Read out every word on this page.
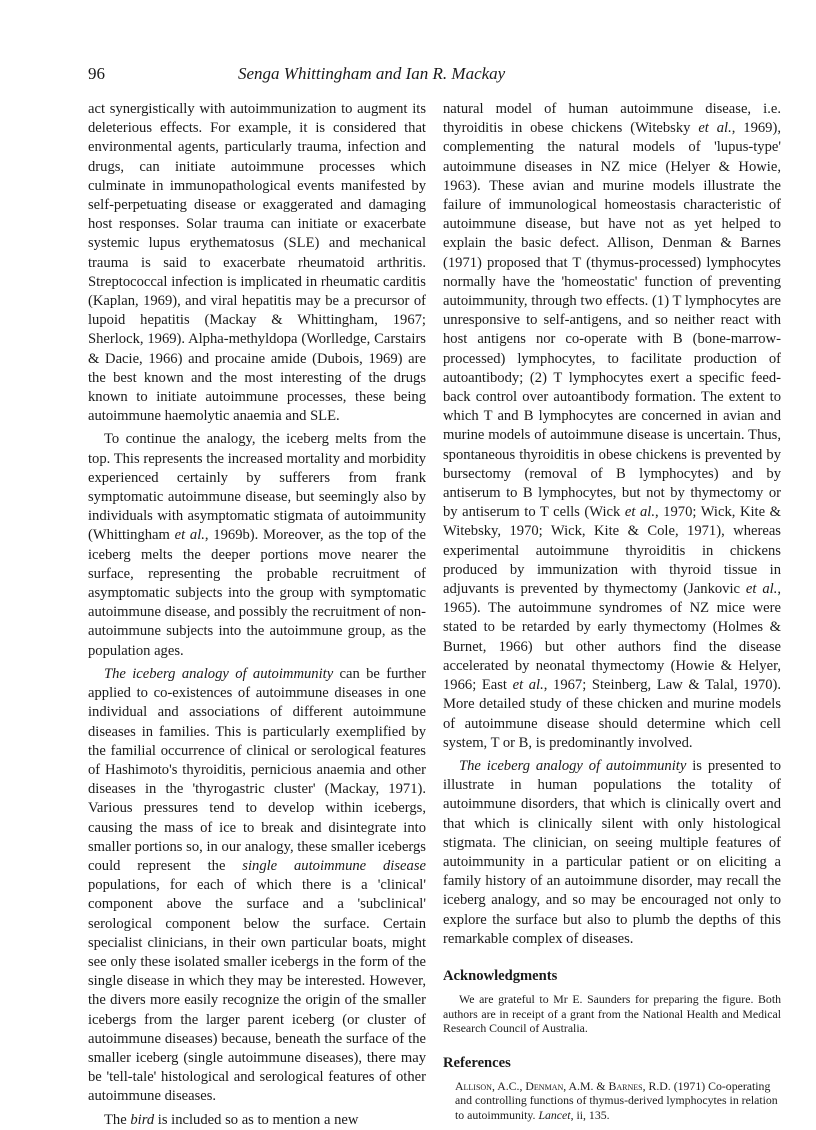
96	Senga Whittingham and Ian R. Mackay

act synergistically with autoimmunization to augment its deleterious effects. For example, it is considered that environmental agents, particularly trauma, infection and drugs, can initiate autoimmune processes which culminate in immunopathological events manifested by self-perpetuating disease or exaggerated and damaging host responses. Solar trauma can initiate or exacerbate systemic lupus erythematosus (SLE) and mechanical trauma is said to exacerbate rheumatoid arthritis. Streptococcal infection is implicated in rheumatic carditis (Kaplan, 1969), and viral hepatitis may be a precursor of lupoid hepatitis (Mackay & Whittingham, 1967; Sherlock, 1969). Alpha-methyldopa (Worlledge, Carstairs & Dacie, 1966) and procaine amide (Dubois, 1969) are the best known and the most interesting of the drugs known to initiate autoimmune processes, these being autoimmune haemolytic anaemia and SLE.

To continue the analogy, the iceberg melts from the top. This represents the increased mortality and morbidity experienced certainly by sufferers from frank symptomatic autoimmune disease, but seemingly also by individuals with asymptomatic stigmata of autoimmunity (Whittingham et al., 1969b). Moreover, as the top of the iceberg melts the deeper portions move nearer the surface, representing the probable recruitment of asymptomatic subjects into the group with symptomatic autoimmune disease, and possibly the recruitment of non-autoimmune subjects into the autoimmune group, as the population ages.

The iceberg analogy of autoimmunity can be further applied to co-existences of autoimmune diseases in one individual and associations of different autoimmune diseases in families. This is particularly exemplified by the familial occurrence of clinical or serological features of Hashimoto's thyroiditis, pernicious anaemia and other diseases in the 'thyrogastric cluster' (Mackay, 1971). Various pressures tend to develop within icebergs, causing the mass of ice to break and disintegrate into smaller portions so, in our analogy, these smaller icebergs could represent the single autoimmune disease populations, for each of which there is a 'clinical' component above the surface and a 'subclinical' serological component below the surface. Certain specialist clinicians, in their own particular boats, might see only these isolated smaller icebergs in the form of the single disease in which they may be interested. However, the divers more easily recognize the origin of the smaller icebergs from the larger parent iceberg (or cluster of autoimmune diseases) because, beneath the surface of the smaller iceberg (single autoimmune diseases), there may be 'tell-tale' histological and serological features of other autoimmune diseases.

The bird is included so as to mention a new

natural model of human autoimmune disease, i.e. thyroiditis in obese chickens (Witebsky et al., 1969), complementing the natural models of 'lupus-type' autoimmune diseases in NZ mice (Helyer & Howie, 1963). These avian and murine models illustrate the failure of immunological homeostasis characteristic of autoimmune disease, but have not as yet helped to explain the basic defect. Allison, Denman & Barnes (1971) proposed that T (thymus-processed) lymphocytes normally have the 'homeostatic' function of preventing autoimmunity, through two effects. (1) T lymphocytes are unresponsive to self-antigens, and so neither react with host antigens nor co-operate with B (bone-marrow-processed) lymphocytes, to facilitate production of autoantibody; (2) T lymphocytes exert a specific feed-back control over autoantibody formation. The extent to which T and B lymphocytes are concerned in avian and murine models of autoimmune disease is uncertain. Thus, spontaneous thyroiditis in obese chickens is prevented by bursectomy (removal of B lymphocytes) and by antiserum to B lymphocytes, but not by thymectomy or by antiserum to T cells (Wick et al., 1970; Wick, Kite & Witebsky, 1970; Wick, Kite & Cole, 1971), whereas experimental autoimmune thyroiditis in chickens produced by immunization with thyroid tissue in adjuvants is prevented by thymectomy (Jankovic et al., 1965). The autoimmune syndromes of NZ mice were stated to be retarded by early thymectomy (Holmes & Burnet, 1966) but other authors find the disease accelerated by neonatal thymectomy (Howie & Helyer, 1966; East et al., 1967; Steinberg, Law & Talal, 1970). More detailed study of these chicken and murine models of autoimmune disease should determine which cell system, T or B, is predominantly involved.

The iceberg analogy of autoimmunity is presented to illustrate in human populations the totality of autoimmune disorders, that which is clinically overt and that which is clinically silent with only histological stigmata. The clinician, on seeing multiple features of autoimmunity in a particular patient or on eliciting a family history of an autoimmune disorder, may recall the iceberg analogy, and so may be encouraged not only to explore the surface but also to plumb the depths of this remarkable complex of diseases.

Acknowledgments

We are grateful to Mr E. Saunders for preparing the figure. Both authors are in receipt of a grant from the National Health and Medical Research Council of Australia.

References

Allison, A.C., Denman, A.M. & Barnes, R.D. (1971) Co-operating and controlling functions of thymus-derived lymphocytes in relation to autoimmunity. Lancet, ii, 135.
